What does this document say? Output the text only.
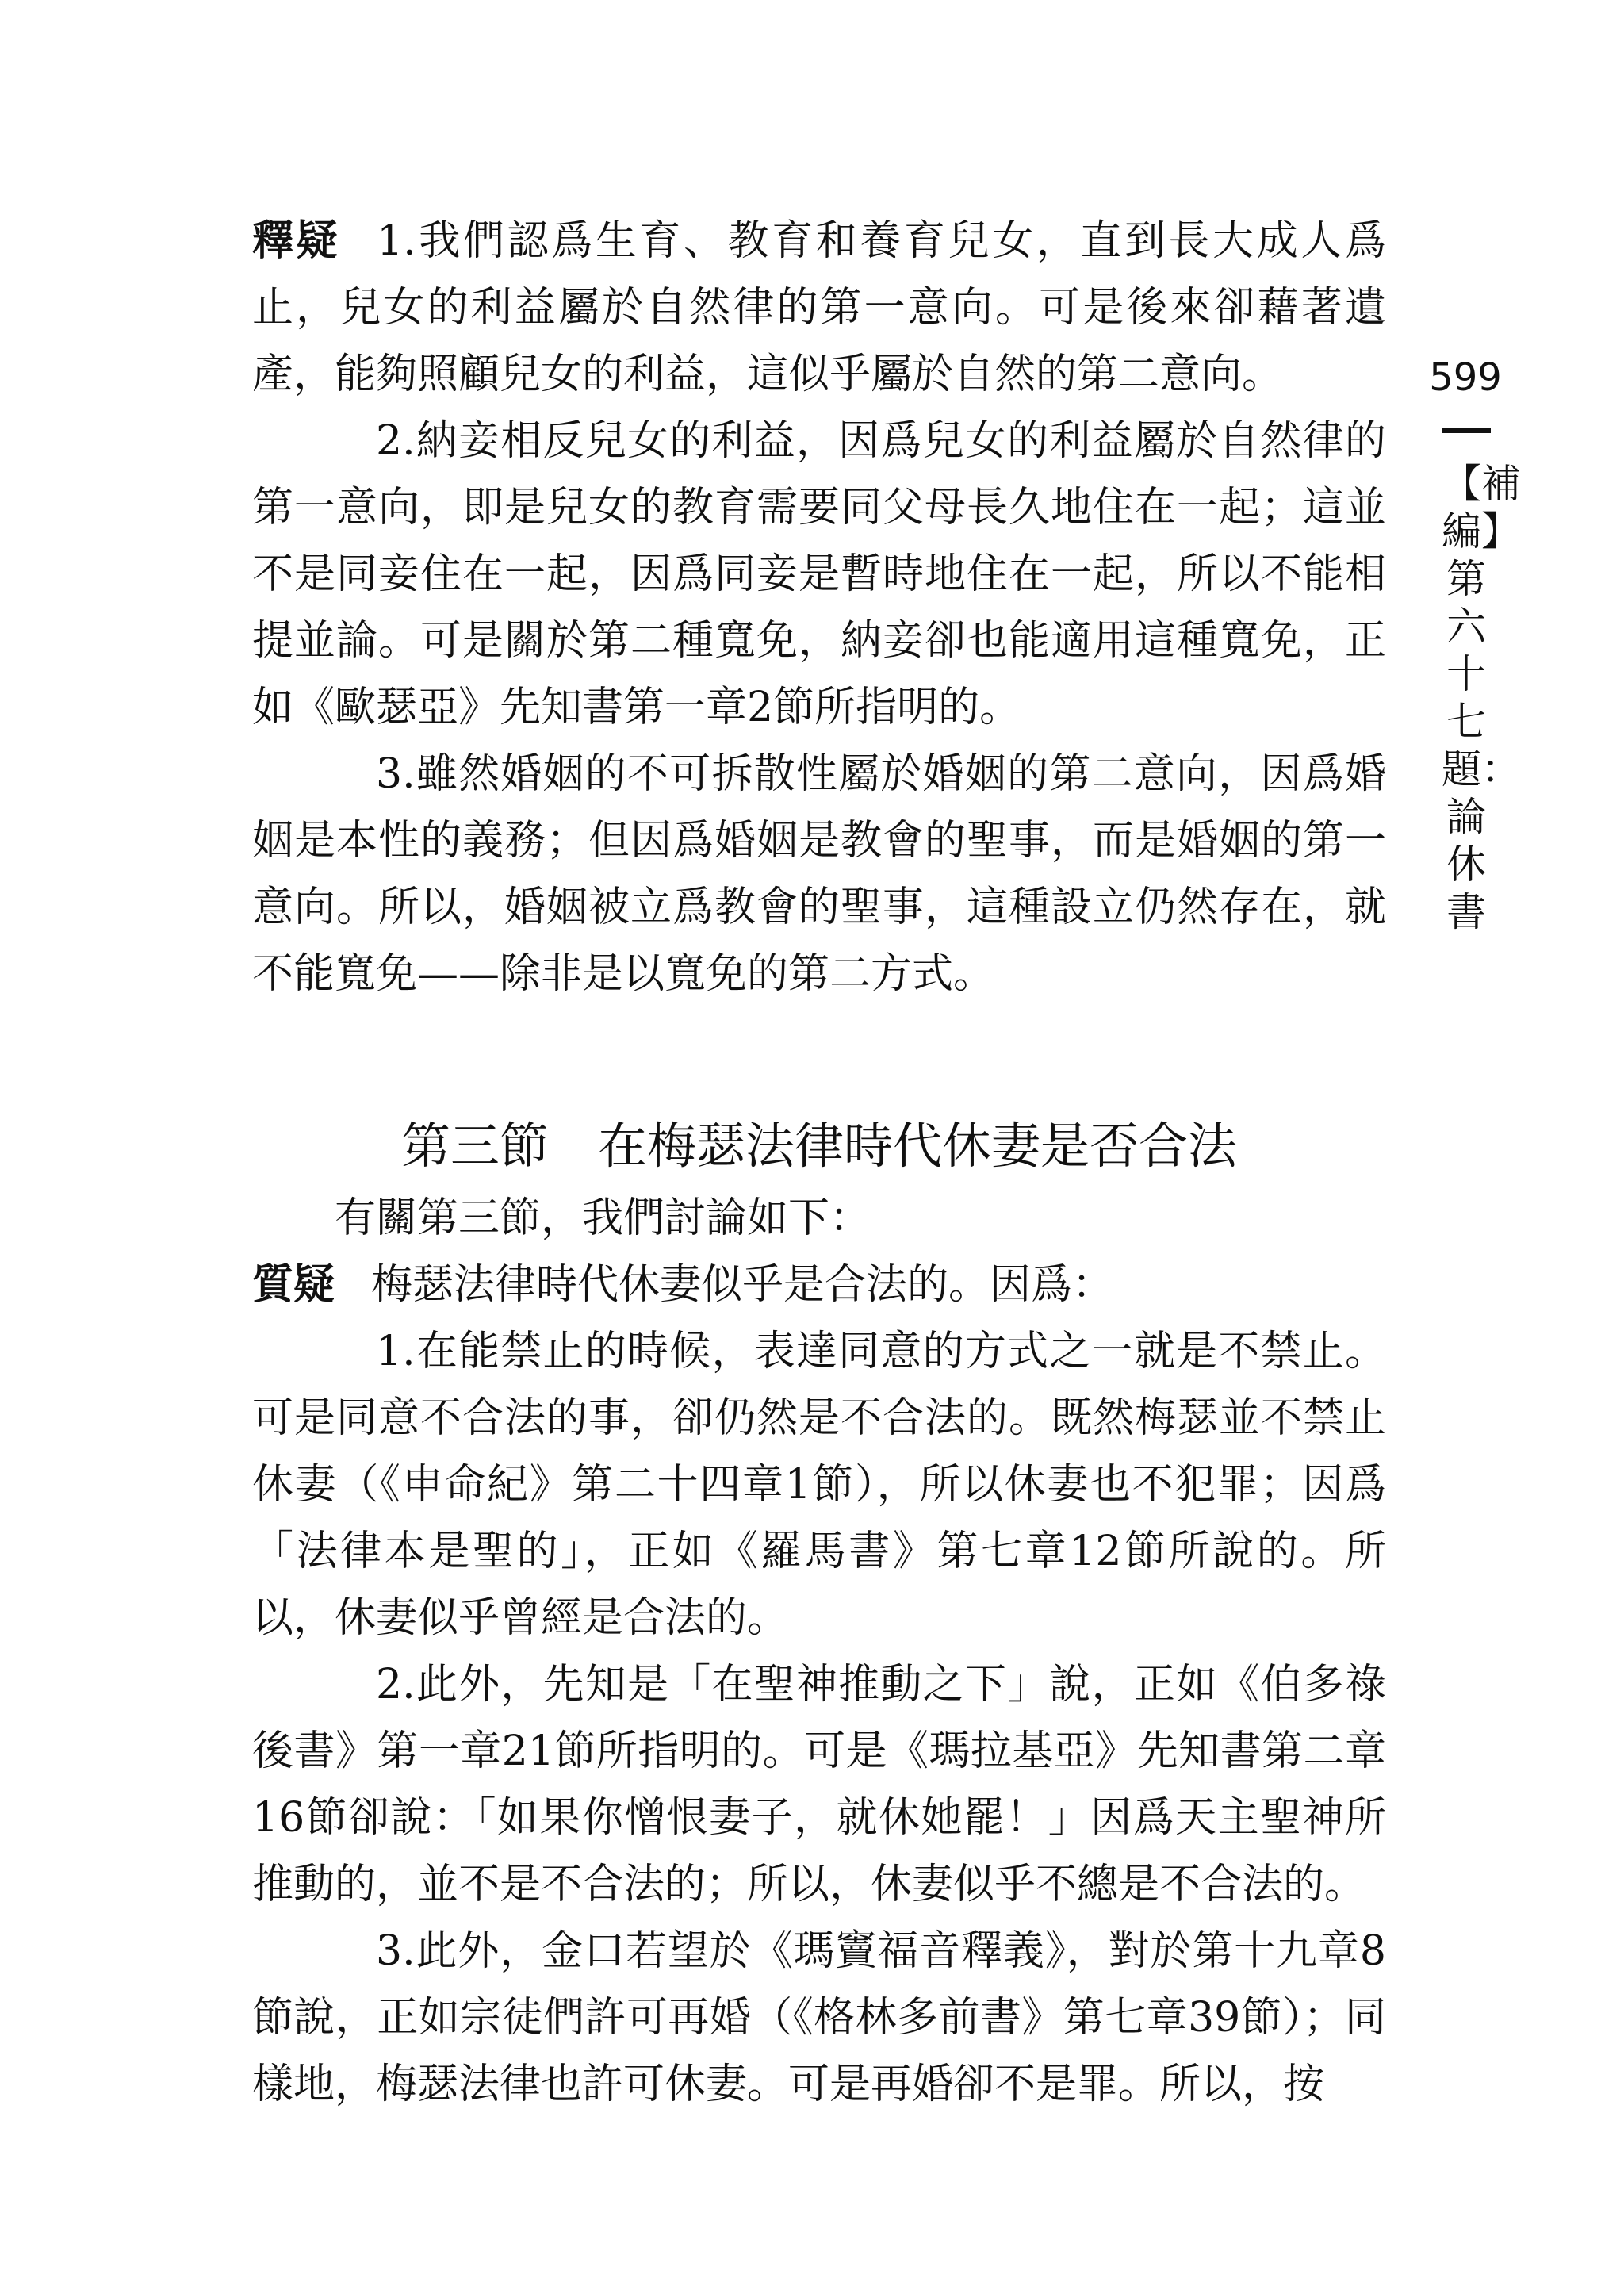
599
【補編】第六十七題：論休書

釋疑 1.我們認爲生育、教育和養育兒女，直到長大成人爲止，兒女的利益屬於自然律的第一意向。可是後來卻藉著遺產，能夠照顧兒女的利益，這似乎屬於自然的第二意向。

2.納妾相反兒女的利益，因爲兒女的利益屬於自然律的第一意向，即是兒女的教育需要同父母長久地住在一起；這並不是同妾住在一起，因爲同妾是暫時地住在一起，所以不能相提並論。可是關於第二種寬免，納妾卻也能適用這種寬免，正如《歐瑟亞》先知書第一章2節所指明的。

3.雖然婚姻的不可拆散性屬於婚姻的第二意向，因爲婚姻是本性的義務；但因爲婚姻是教會的聖事，而是婚姻的第一意向。所以，婚姻被立爲教會的聖事，這種設立仍然存在，就不能寬免——除非是以寬免的第二方式。

第三節　在梅瑟法律時代休妻是否合法

有關第三節，我們討論如下：

質疑 梅瑟法律時代休妻似乎是合法的。因爲：

1.在能禁止的時候，表達同意的方式之一就是不禁止。可是同意不合法的事，卻仍然是不合法的。既然梅瑟並不禁止休妻（《申命紀》第二十四章1節），所以休妻也不犯罪；因爲「法律本是聖的」，正如《羅馬書》第七章12節所說的。所以，休妻似乎曾經是合法的。

2.此外，先知是「在聖神推動之下」說，正如《伯多祿後書》第一章21節所指明的。可是《瑪拉基亞》先知書第二章16節卻說：「如果你憎恨妻子，就休她罷！」因爲天主聖神所推動的，並不是不合法的；所以，休妻似乎不總是不合法的。

3.此外，金口若望於《瑪竇福音釋義》，對於第十九章8節說，正如宗徒們許可再婚（《格林多前書》第七章39節）；同樣地，梅瑟法律也許可休妻。可是再婚卻不是罪。所以，按
